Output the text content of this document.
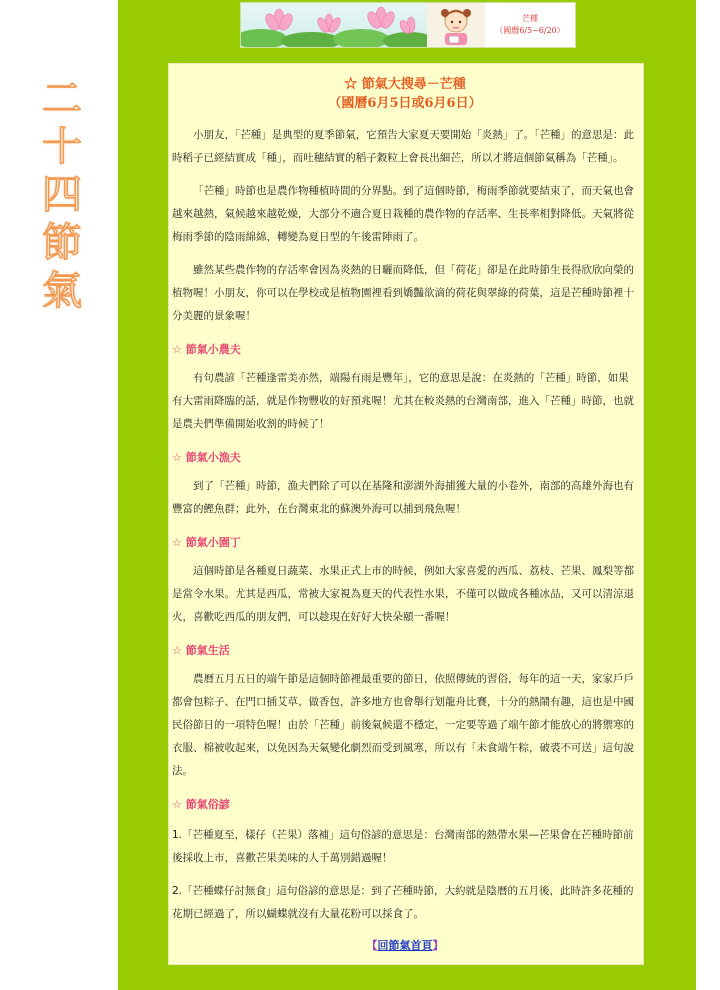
二
十
四
節
氣
芒種
（國曆6/5~6/20）

☆ 節氣大搜尋－芒種

（國曆6月5日或6月6日）

小朋友，「芒種」是典型的夏季節氣，它預告大家夏天要開始「炎熱」了。「芒種」的意思是：此時稻子已經結實成「種」，而吐穗結實的稻子穀粒上會長出細芒，所以才將這個節氣稱為「芒種」。

「芒種」時節也是農作物種植時間的分界點。到了這個時節，梅雨季節就要結束了，而天氣也會越來越熱，氣候越來越乾燥，大部分不適合夏日栽種的農作物的存活率、生長率相對降低。天氣將從梅雨季節的陰雨綿綿，轉變為夏日型的午後雷陣雨了。

雖然某些農作物的存活率會因為炎熱的日曬而降低，但「荷花」卻是在此時節生長得欣欣向榮的植物喔！小朋友，你可以在學校或是植物園裡看到嬌豔欲滴的荷花與翠綠的荷葉，這是芒種時節裡十分美麗的景象喔！

☆ 節氣小農夫

有句農諺「芒種逢雷美亦然，端陽有雨是豐年」，它的意思是說：在炎熱的「芒種」時節，如果有大雷雨降臨的話，就是作物豐收的好預兆喔！尤其在較炎熱的台灣南部，進入「芒種」時節，也就是農夫們準備開始收割的時候了！

☆ 節氣小漁夫

到了「芒種」時節，漁夫們除了可以在基隆和澎湖外海捕獲大量的小卷外，南部的高雄外海也有豐富的鰹魚群；此外，在台灣東北的蘇澳外海可以捕到飛魚喔！

☆ 節氣小園丁

這個時節是各種夏日蔬菜、水果正式上市的時候，例如大家喜愛的西瓜、荔枝、芒果、鳳梨等都是當令水果。尤其是西瓜，常被大家視為夏天的代表性水果，不僅可以做成各種冰品，又可以清涼退火，喜歡吃西瓜的朋友們，可以趁現在好好大快朵頤一番喔！

☆ 節氣生活

農曆五月五日的端午節是這個時節裡最重要的節日，依照傳統的習俗，每年的這一天，家家戶戶都會包粽子、在門口插艾草、做香包，許多地方也會舉行划龍舟比賽，十分的熱鬧有趣，這也是中國民俗節日的一項特色喔！由於「芒種」前後氣候還不穩定，一定要等過了端午節才能放心的將禦寒的衣服、棉被收起來，以免因為天氣變化劇烈而受到風寒，所以有「未食端午粽，破裘不可送」這句說法。

☆ 節氣俗諺

1.「芒種夏至，樣仔（芒果）落補」這句俗諺的意思是：台灣南部的熱帶水果—芒果會在芒種時節前後採收上市，喜歡芒果美味的人千萬別錯過喔！

2.「芒種蝶仔討無食」這句俗諺的意思是：到了芒種時節，大約就是陰曆的五月後，此時許多花種的花期已經過了，所以蝴蝶就沒有大量花粉可以採食了。

【回節氣首頁】
